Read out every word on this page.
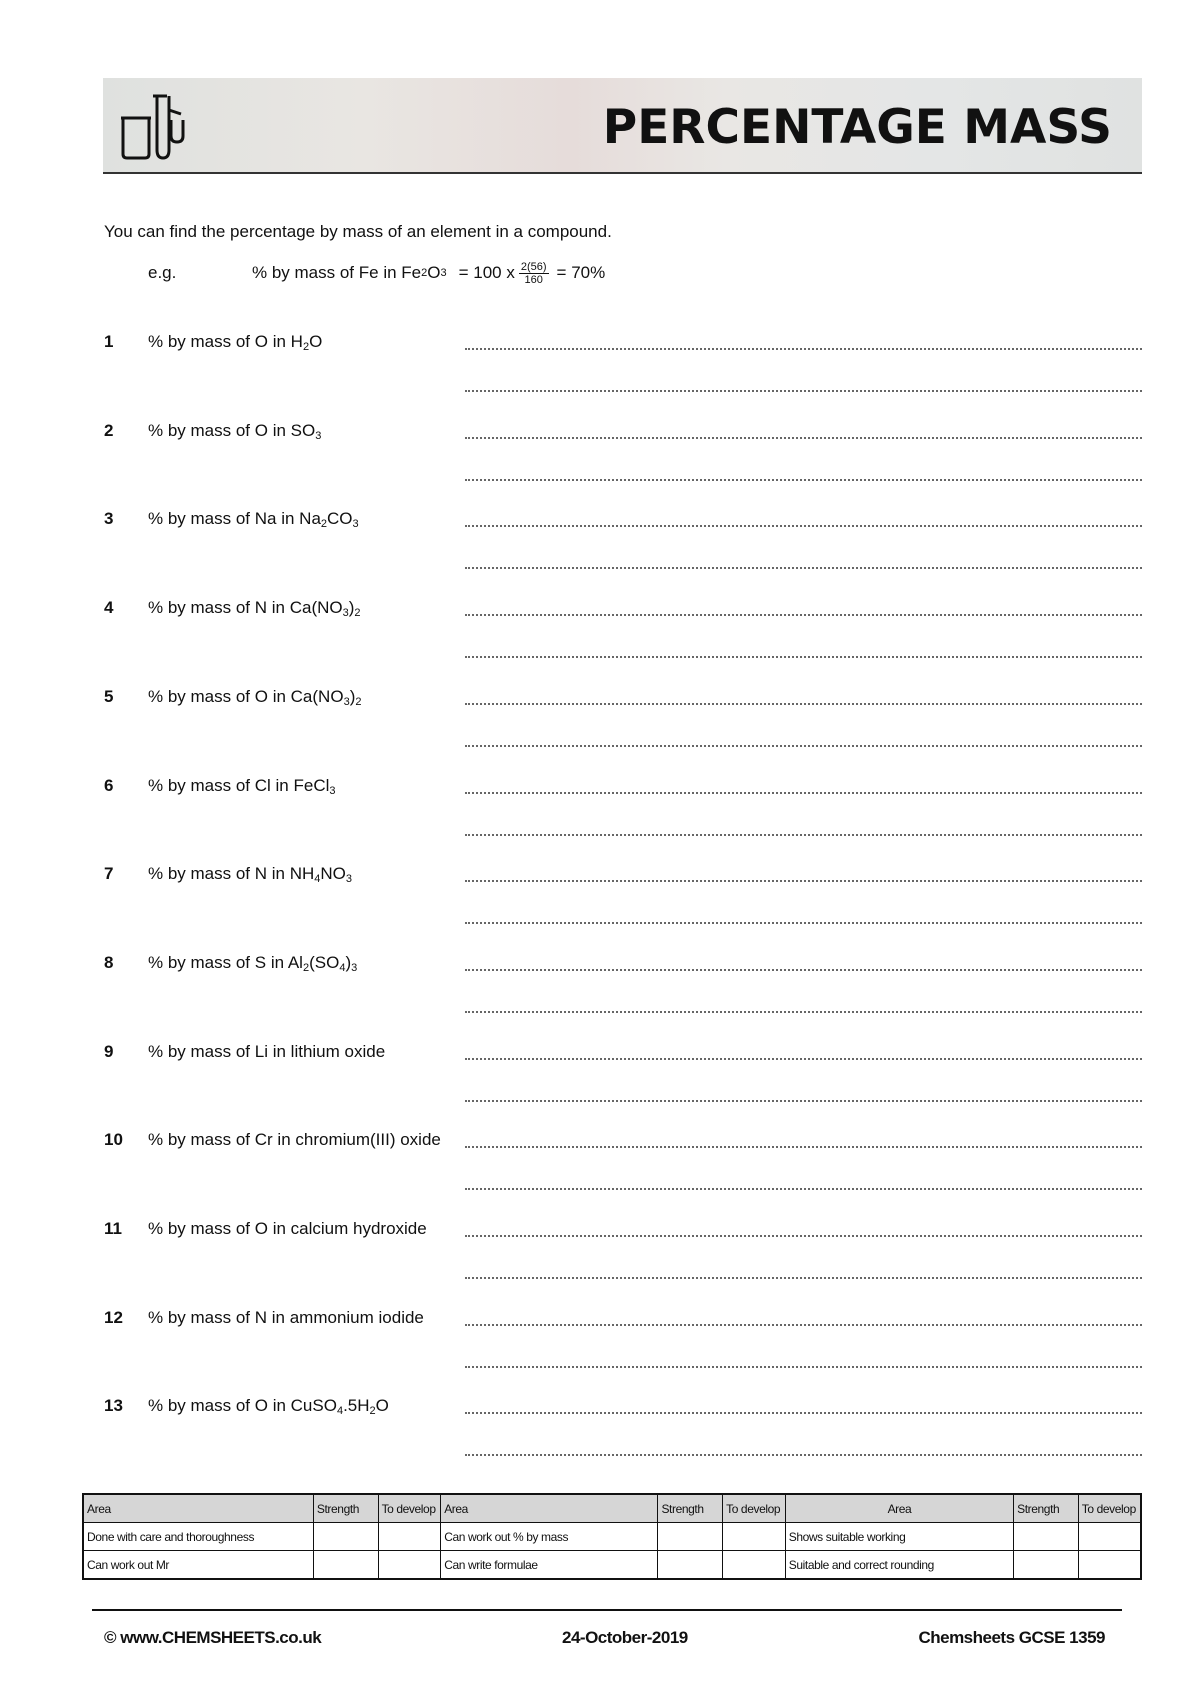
PERCENTAGE MASS
You can find the percentage by mass of an element in a compound.
e.g.	% by mass of Fe in Fe 2 O 3 = 100 x $\frac{2(56)}{160} = 70\%$
1	% by mass of O in $H_2O$
2	% by mass of O in $SO_3$
3	% by mass of Na in $Na_2CO_3$
4	% by mass of N in $Ca(NO_3)_2$
5	% by mass of O in $Ca(NO_3)_2$
6	% by mass of Cl in FeCl$_3$
7	% by mass of N in $NH_4NO_3$
8	% by mass of S in $Al_2(SO_4)_3$
9	% by mass of Li in lithium oxide
10	% by mass of Cr in chromium(III) oxide
11	% by mass of O in calcium hydroxide
12	% by mass of N in ammonium iodide
13	% by mass of O in $CuSO_4.5H_2O$
Area	Strength	To develop	Area	Strength	To develop	Area	Strength	To develop
Done with care and thoroughness			Can work out % by mass			Shows suitable working		
Can work out Mr			Can write formulae			Suitable and correct rounding		
© www.CHEMSHEETS.co.uk	24-October-2019	Chemsheets GCSE 1359
